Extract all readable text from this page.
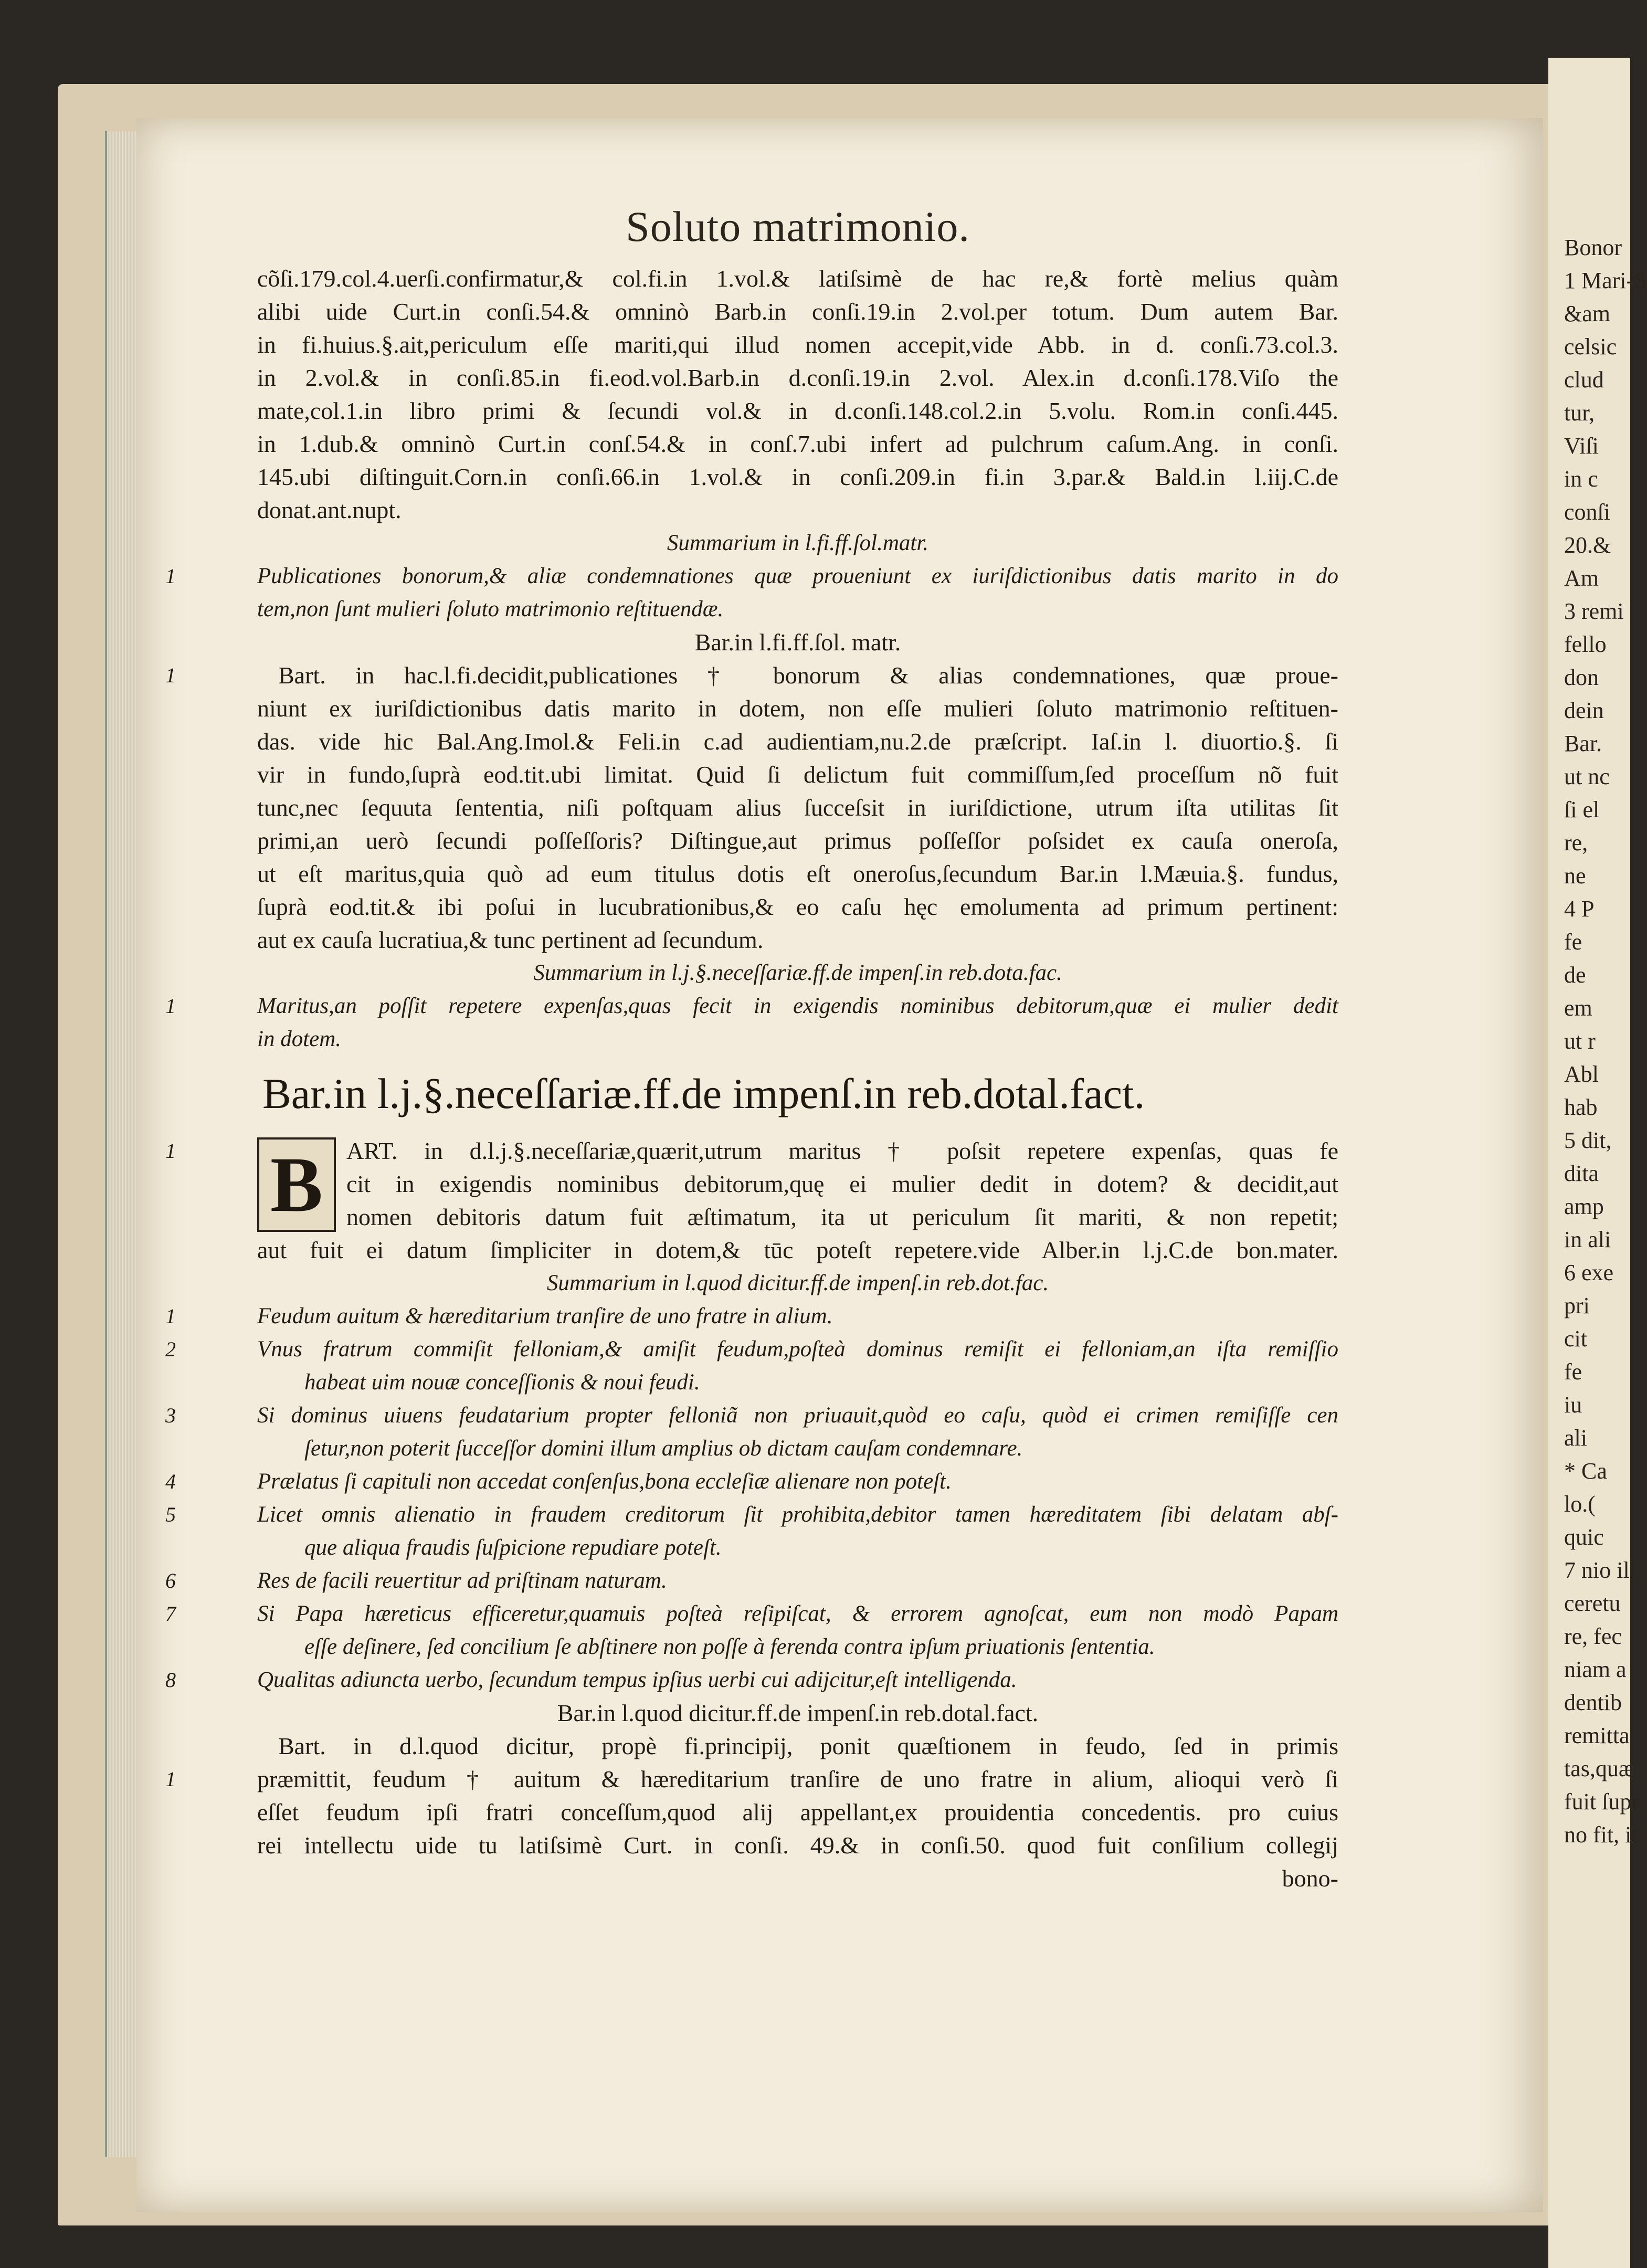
Bonor
1 Mari-S
&am
celsic
clud
tur,
Viſi
in c
conſi
20.&
Am
3 remi
fello
don
dein
Bar.
ut nc
ſi el
re,
ne
4 P
fe
de
em
ut r
Abl
hab
5 dit,
dita
amp
in ali
6 exe
pri
cit
fe
iu
ali
* Ca
lo.(
quic
7 nio ill
ceretu
re, fec
niam a
dentib
remitta
tas,quæ
fuit ſupr
no fit, it
Soluto matrimonio.
cõſi.179.col.4.uerſi.confirmatur,& col.fi.in 1.vol.& latiſsimè de hac re,& fortè melius quàm
alibi uide Curt.in conſi.54.& omninò Barb.in conſi.19.in 2.vol.per totum. Dum autem Bar.
in fi.huius.§.ait,periculum eſſe mariti,qui illud nomen accepit,vide Abb. in d. conſi.73.col.3.
in 2.vol.& in conſi.85.in fi.eod.vol.Barb.in d.conſi.19.in 2.vol. Alex.in d.conſi.178.Viſo the
mate,col.1.in libro primi & ſecundi vol.& in d.conſi.148.col.2.in 5.volu. Rom.in conſi.445.
in 1.dub.& omninò Curt.in conſ.54.& in conſ.7.ubi infert ad pulchrum caſum.Ang. in conſi.
145.ubi diſtinguit.Corn.in conſi.66.in 1.vol.& in conſi.209.in fi.in 3.par.& Bald.in l.iij.C.de
donat.ant.nupt.
Summarium in l.fi.ff.ſol.matr.
1	Publicationes bonorum,& aliæ condemnationes quæ proueniunt ex iuriſdictionibus datis marito in do
tem,non ſunt mulieri ſoluto matrimonio reſtituendæ.
Bar.in l.fi.ff.ſol. matr.
1	Bart. in hac.l.fi.decidit,publicationes † bonorum & alias condemnationes, quæ proue-
niunt ex iuriſdictionibus datis marito in dotem, non eſſe mulieri ſoluto matrimonio reſtituen-
das. vide hic Bal.Ang.Imol.& Feli.in c.ad audientiam,nu.2.de præſcript. Iaſ.in l. diuortio.§. ſi
vir in fundo,ſuprà eod.tit.ubi limitat. Quid ſi delictum fuit commiſſum,ſed proceſſum nõ fuit
tunc,nec ſequuta ſententia, niſi poſtquam alius ſucceſsit in iuriſdictione, utrum iſta utilitas ſit
primi,an uerò ſecundi poſſeſſoris? Diſtingue,aut primus poſſeſſor poſsidet ex cauſa oneroſa,
ut eſt maritus,quia quò ad eum titulus dotis eſt oneroſus,ſecundum Bar.in l.Mæuia.§. fundus,
ſuprà eod.tit.& ibi poſui in lucubrationibus,& eo caſu hęc emolumenta ad primum pertinent:
aut ex cauſa lucratiua,& tunc pertinent ad ſecundum.
Summarium in l.j.§.neceſſariæ.ff.de impenſ.in reb.dota.fac.
1	Maritus,an poſſit repetere expenſas,quas fecit in exigendis nominibus debitorum,quæ ei mulier dedit
in dotem.
Bar.in l.j.§.neceſſariæ.ff.de impenſ.in reb.dotal.fact.
B
1	ART. in d.l.j.§.neceſſariæ,quærit,utrum maritus † poſsit repetere expenſas, quas fe
cit in exigendis nominibus debitorum,quę ei mulier dedit in dotem? & decidit,aut
nomen debitoris datum fuit æſtimatum, ita ut periculum ſit mariti, & non repetit;
aut fuit ei datum ſimpliciter in dotem,& tūc poteſt repetere.vide Alber.in l.j.C.de bon.mater.
Summarium in l.quod dicitur.ff.de impenſ.in reb.dot.fac.
1	Feudum auitum & hæreditarium tranſire de uno fratre in alium.
2	Vnus fratrum commiſit felloniam,& amiſit feudum,poſteà dominus remiſit ei felloniam,an iſta remiſſio
habeat uim nouæ conceſſionis & noui feudi.
3	Si dominus uiuens feudatarium propter felloniã non priuauit,quòd eo caſu, quòd ei crimen remiſiſſe cen
ſetur,non poterit ſucceſſor domini illum amplius ob dictam cauſam condemnare.
4	Prælatus ſi capituli non accedat conſenſus,bona eccleſiæ alienare non poteſt.
5	Licet omnis alienatio in fraudem creditorum ſit prohibita,debitor tamen hæreditatem ſibi delatam abſ-
que aliqua fraudis ſuſpicione repudiare poteſt.
6	Res de facili reuertitur ad priſtinam naturam.
7	Si Papa hæreticus efficeretur,quamuis poſteà reſipiſcat, & errorem agnoſcat, eum non modò Papam
eſſe deſinere, ſed concilium ſe abſtinere non poſſe à ferenda contra ipſum priuationis ſententia.
8	Qualitas adiuncta uerbo, ſecundum tempus ipſius uerbi cui adijcitur,eſt intelligenda.
Bar.in l.quod dicitur.ff.de impenſ.in reb.dotal.fact.
Bart. in d.l.quod dicitur, propè fi.principij, ponit quæſtionem in feudo, ſed in primis
1	præmittit, feudum † auitum & hæreditarium tranſire de uno fratre in alium, alioqui verò ſi
eſſet feudum ipſi fratri conceſſum,quod alij appellant,ex prouidentia concedentis. pro cuius
rei intellectu uide tu latiſsimè Curt. in conſi. 49.& in conſi.50. quod fuit conſilium collegij
bono-
